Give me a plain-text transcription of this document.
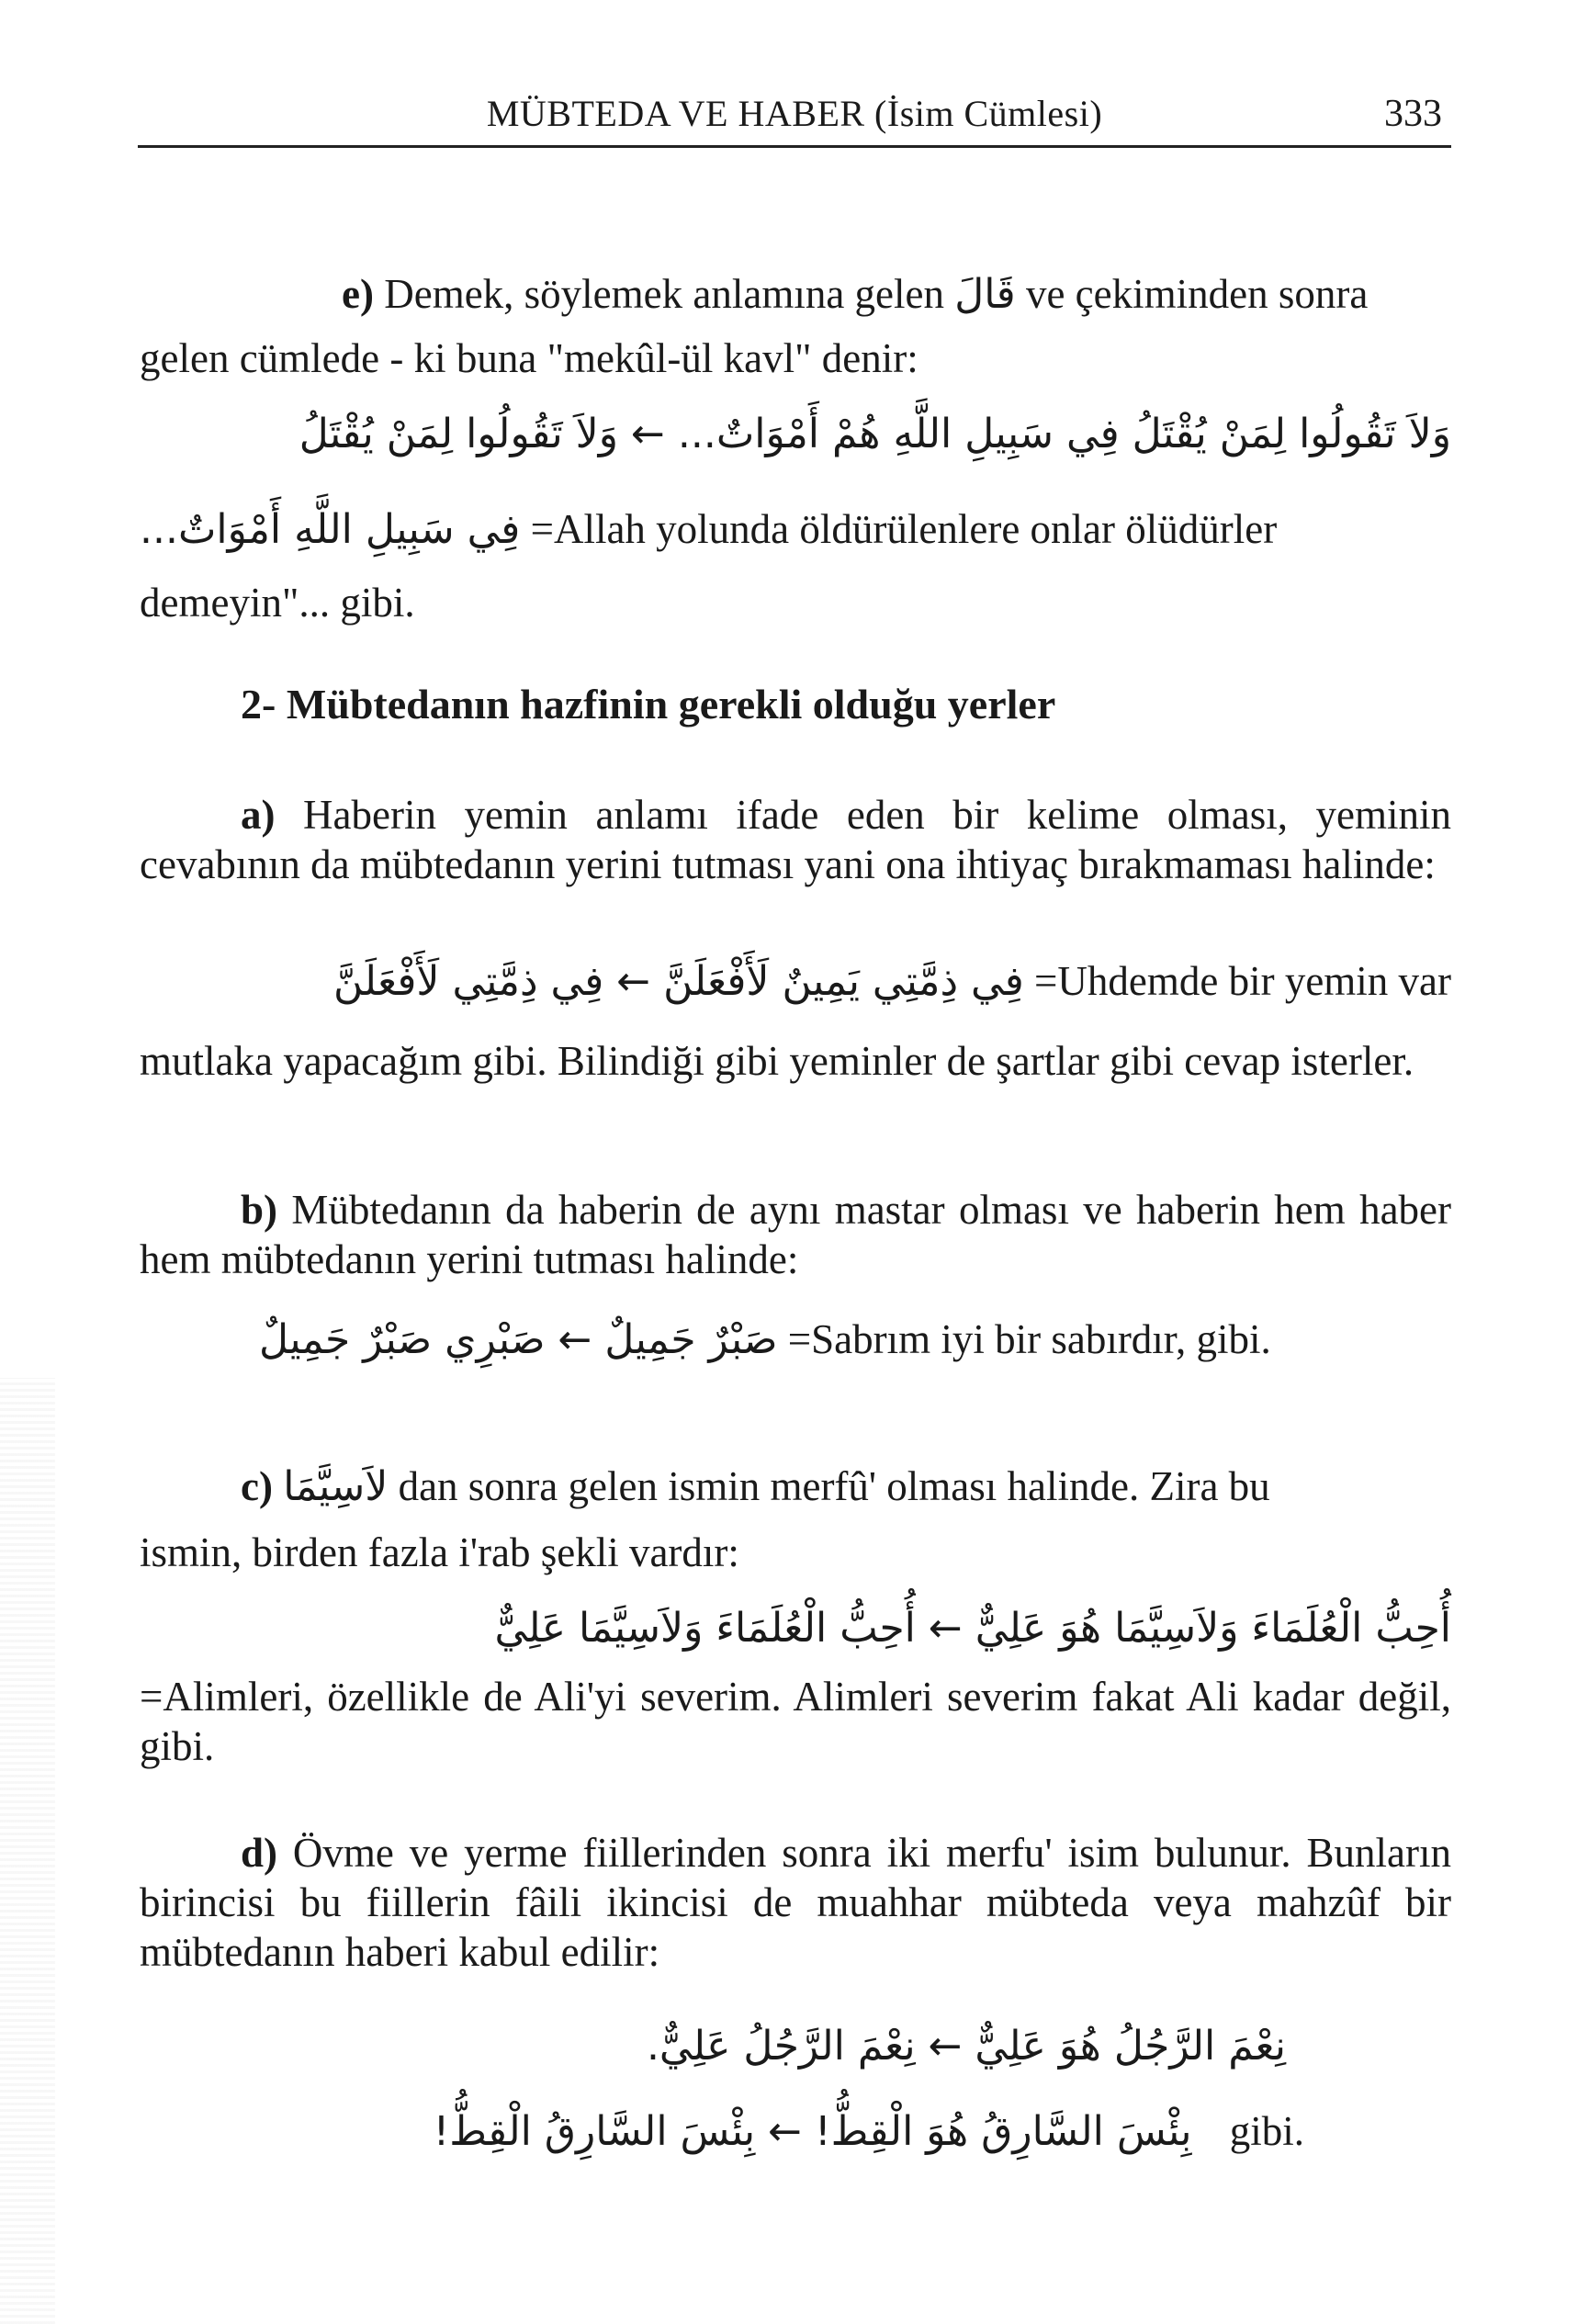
MÜBTEDA VE HABER (İsim Cümlesi)	333
e) Demek, söylemek anlamına gelen قَالَ ve çekiminden sonra
gelen cümlede - ki buna "mekûl-ül kavl" denir:
وَلاَ تَقُولُوا لِمَنْ يُقْتَلُ فِي سَبِيلِ اللَّهِ هُمْ أَمْوَاتٌ... ← وَلاَ تَقُولُوا لِمَنْ يُقْتَلُ
فِي سَبِيلِ اللَّهِ أَمْوَاتٌ... =Allah yolunda öldürülenlere onlar ölüdürler
demeyin"... gibi.
2- Mübtedanın hazfinin gerekli olduğu yerler
a) Haberin yemin anlamı ifade eden bir kelime olması, yeminin cevabının da mübtedanın yerini tutması yani ona ihtiyaç bırakmaması halinde:
فِي ذِمَّتِي يَمِينٌ لَأَفْعَلَنَّ ← فِي ذِمَّتِي لَأَفْعَلَنَّ =Uhdemde bir yemin var
mutlaka yapacağım gibi. Bilindiği gibi yeminler de şartlar gibi cevap isterler.
b) Mübtedanın da haberin de aynı mastar olması ve haberin hem haber hem mübtedanın yerini tutması halinde:
صَبْرٌ جَمِيلٌ ← صَبْرِي صَبْرٌ جَمِيلٌ =Sabrım iyi bir sabırdır, gibi.
c) لاَسِيَّمَا dan sonra gelen ismin merfû' olması halinde. Zira bu
ismin, birden fazla i'rab şekli vardır:
أُحِبُّ الْعُلَمَاءَ وَلاَسِيَّمَا هُوَ عَلِيٌّ ← أُحِبُّ الْعُلَمَاءَ وَلاَسِيَّمَا عَلِيٌّ
=Alimleri, özellikle de Ali'yi severim. Alimleri severim fakat Ali kadar değil, gibi.
d) Övme ve yerme fiillerinden sonra iki merfu' isim bulunur. Bunların birincisi bu fiillerin fâili ikincisi de muahhar mübteda veya mahzûf bir mübtedanın haberi kabul edilir:
نِعْمَ الرَّجُلُ هُوَ عَلِيٌّ ← نِعْمَ الرَّجُلُ عَلِيٌّ.
بِئْسَ السَّارِقُ هُوَ الْقِطُّ! ← بِئْسَ السَّارِقُ الْقِطُّ! gibi.
